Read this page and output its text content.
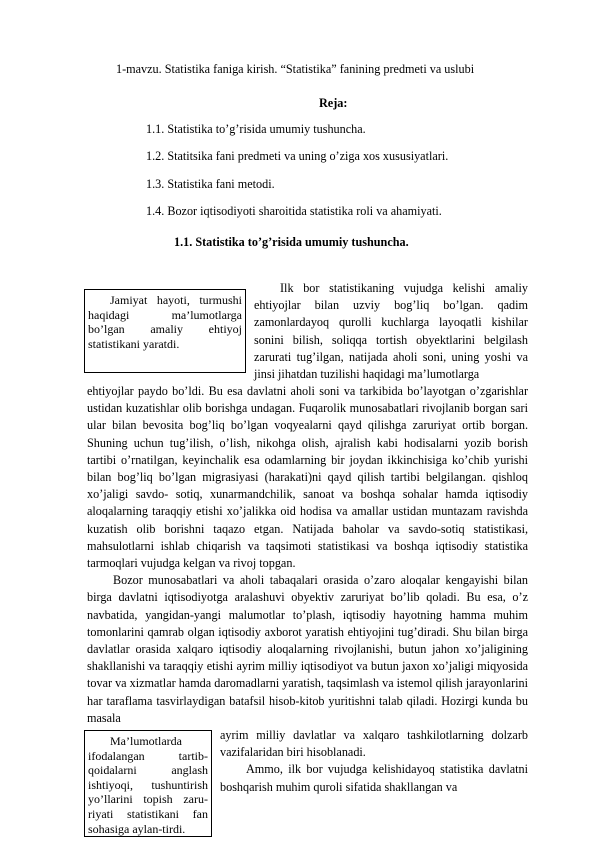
1-mavzu. Statistika faniga kirish. “Statistika” fanining predmeti va uslubi
Reja:
1.1. Statistika to’g’risida umumiy tushuncha.
1.2. Statitsika fani predmeti va uning o’ziga xos xususiyatlari.
1.3. Statistika fani metodi.
1.4. Bozor iqtisodiyoti sharoitida statistika roli va ahamiyati.
1.1. Statistika to’g’risida umumiy tushuncha.
Jamiyat hayoti, turmushi haqidagi ma’lumotlarga bo’lgan amaliy ehtiyoj statistikani yaratdi.

Ilk bor statistikaning vujudga kelishi amaliy ehtiyojlar bilan uzviy bog’liq bo’lgan. qadim zamonlardayoq qurolli kuchlarga layoqatli kishilar sonini bilish, soliqqa tortish obyektlarini belgilash zarurati tug’ilgan, natijada aholi soni, uning yoshi va jinsi jihatdan tuzilishi haqidagi ma’lumotlarga

ehtiyojlar paydo bo’ldi. Bu esa davlatni aholi soni va tarkibida bo’layotgan o’zgarishlar ustidan kuzatishlar olib borishga undagan. Fuqarolik munosabatlari rivojlanib borgan sari ular bilan bevosita bog’liq bo’lgan voqyealarni qayd qilishga zaruriyat ortib borgan. Shuning uchun tug’ilish, o’lish, nikohga olish, ajralish kabi hodisalarni yozib borish tartibi o’rnatilgan, keyinchalik esa odamlarning bir joydan ikkinchisiga ko’chib yurishi bilan bog’liq bo’lgan migrasiyasi (harakati)ni qayd qilish tartibi belgilangan. qishloq xo’jaligi savdo- sotiq, xunarmandchilik, sanoat va boshqa sohalar hamda iqtisodiy aloqalarning taraqqiy etishi xo’jalikka oid hodisa va amallar ustidan muntazam ravishda kuzatish olib borishni taqazo etgan. Natijada baholar va savdo-sotiq statistikasi, mahsulotlarni ishlab chiqarish va taqsimoti statistikasi va boshqa iqtisodiy statistika tarmoqlari vujudga kelgan va rivoj topgan.

Bozor munosabatlari va aholi tabaqalari orasida o’zaro aloqalar kengayishi bilan birga davlatni iqtisodiyotga aralashuvi obyektiv zaruriyat bo’lib qoladi. Bu esa, o’z navbatida, yangidan-yangi malumotlar to’plash, iqtisodiy hayotning hamma muhim tomonlarini qamrab olgan iqtisodiy axborot yaratish ehtiyojini tug’diradi. Shu bilan birga davlatlar orasida xalqaro iqtisodiy aloqalarning rivojlanishi, butun jahon xo’jaligining shakllanishi va taraqqiy etishi ayrim milliy iqtisodiyot va butun jaxon xo’jaligi miqyosida tovar va xizmatlar hamda daromadlarni yaratish, taqsimlash va istemol qilish jarayonlarini har taraflama tasvirlaydigan batafsil hisob-kitob yuritishni talab qiladi. Hozirgi kunda bu masala

Ma’lumotlarda ifodalangan tartib-qoidalarni anglash ishtiyoqi, tushuntirish yo’llarini topish zaru-riyati statistikani fan sohasiga aylan-tirdi.

ayrim milliy davlatlar va xalqaro tashkilotlarning dolzarb vazifalaridan biri hisoblanadi.

Ammo, ilk bor vujudga kelishidayoq statistika davlatni boshqarish muhim quroli sifatida shakllangan va
